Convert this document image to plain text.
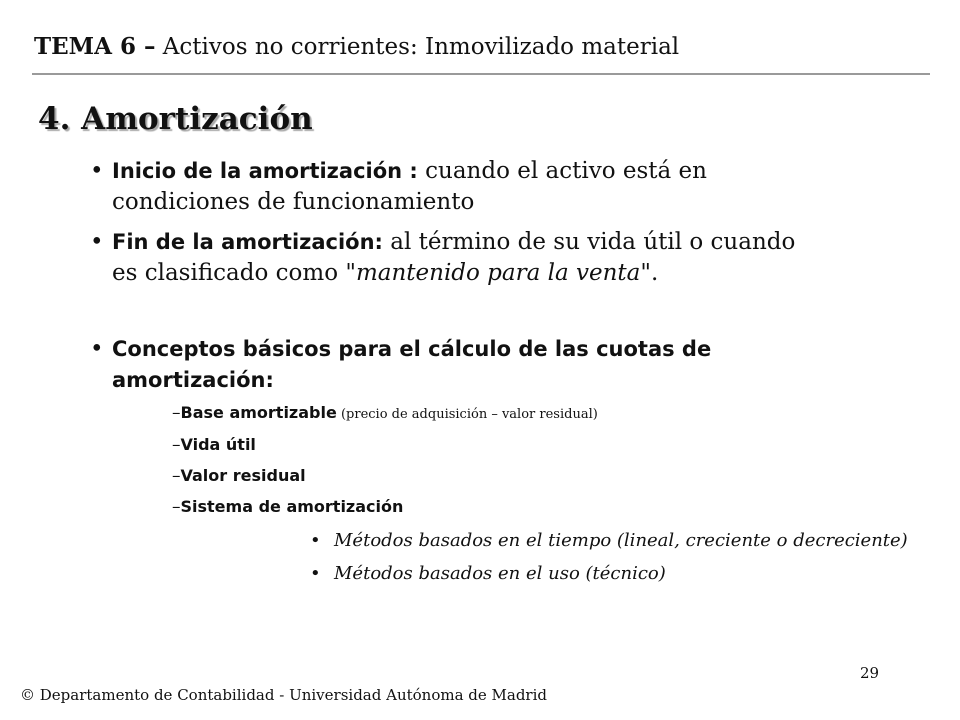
TEMA 6 – Activos no corrientes: Inmovilizado material
4. Amortización
• Inicio de la amortización : cuando el activo está en
condiciones de funcionamiento
• Fin de la amortización: al término de su vida útil o cuando
es clasificado como "mantenido para la venta".
• Conceptos básicos para el cálculo de las cuotas de
amortización:
–Base amortizable (precio de adquisición – valor residual)
–Vida útil
–Valor residual
–Sistema de amortización
• Métodos basados en el tiempo (lineal, creciente o decreciente)
• Métodos basados en el uso (técnico)
29
© Departamento de Contabilidad - Universidad Autónoma de Madrid
